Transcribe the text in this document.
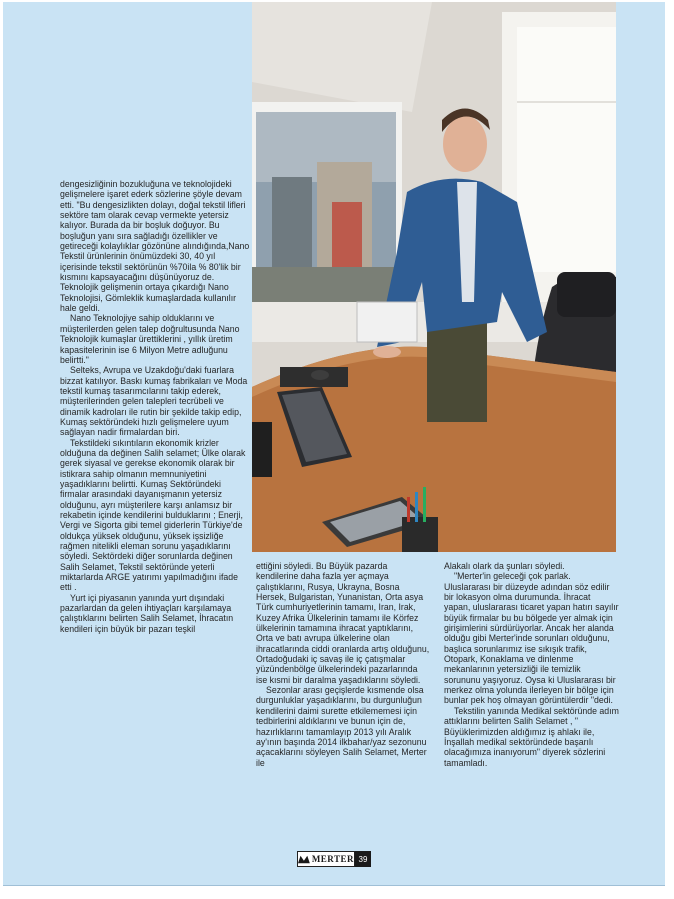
dengesizliğinin bozukluğuna ve teknolojideki gelişmelere işaret ederk sözlerine şöyle devam etti. "Bu dengesizlikten dolayı, doğal tekstil lifleri sektöre tam olarak cevap vermekte yetersiz kalıyor. Burada da bir boşluk doğuyor. Bu boşluğun yanı sıra sağladığı özellikler ve getireceği kolaylıklar gözönüne alındığında,Nano Tekstil ürünlerinin önümüzdeki 30, 40 yıl içerisinde tekstil sektörünün %70ila % 80'lik bir kısmını kapsayacağını düşünüyoruz de. Teknolojik gelişmenin ortaya çıkardığı Nano Teknolojisi, Gömleklik kumaşlardada kullanılır hale geldi.

Nano Teknolojiye sahip olduklarını ve müşterilerden gelen talep doğrultusunda Nano Teknolojik kumaşlar ürettiklerini , yıllık üretim kapasitelerinin ise 6 Milyon Metre adluğunu belirtti."

Selteks, Avrupa ve Uzakdoğu'daki fuarlara bizzat katılıyor. Baskı kumaş fabrikaları ve Moda tekstil kumaş tasarımcılarını takip ederek, müşterilerinden gelen talepleri tecrübeli ve dinamik kadroları ile rutin bir şekilde takip edip, Kumaş sektöründeki hızlı gelişmelere uyum sağlayan nadir firmalardan biri.

Tekstildeki sıkıntıların ekonomik krizler olduğuna da değinen Salih selamet; Ülke olarak gerek siyasal ve gerekse ekonomik olarak bir istikrara sahip olmanın memnuniyetini yaşadıklarını belirtti. Kumaş Sektöründeki firmalar arasındaki dayanışmanın yetersiz olduğunu, ayrı müşterilere karşı anlamsız bir rekabetin içinde kendilerini bulduklarını ; Enerji, Vergi ve Sigorta gibi temel giderlerin Türkiye'de oldukça yüksek olduğunu, yüksek işsizliğe rağmen nitelikli eleman sorunu yaşadıklarını söyledi. Sektördeki diğer sorunlarda değinen Salih Selamet, Tekstil sektöründe yeterli miktarlarda ARGE yatırımı yapılmadığını ifade etti .

Yurt içi piyasanın yanında yurt dışındaki pazarlardan da gelen ihtiyaçları karşılamaya çalıştıklarını belirten Salih Selamet, İhracatın kendileri için büyük bir pazarı teşkil

ettiğini söyledi. Bu Büyük pazarda kendilerine daha fazla yer açmaya çalıştıklarını, Rusya, Ukrayna, Bosna Hersek, Bulgaristan, Yunanistan, Orta asya Türk cumhuriyetlerinin tamamı, Iran, Irak, Kuzey Afrika Ülkelerinin tamamı ile Körfez ülkelerinin tamamına ihracat yaptıklarını, Orta ve batı avrupa ülkelerine olan ihracatlarında ciddi oranlarda artış olduğunu, Ortadoğudaki iç savaş ile iç çatışmalar yüzündenbölge ülkelerindeki pazarlarında ise kısmi bir daralma yaşadıklarını söyledi.

Sezonlar arası geçişlerde kısmende olsa durgunluklar yaşadıklarını, bu durgunluğun kendilerini daimi surette etkilememesi için tedbirlerini aldıklarını ve bunun için de, hazırlıklarını tamamlayıp 2013 yılı Aralık ay'ının başında 2014 ilkbahar/yaz sezonunu açacaklarını söyleyen Salih Selamet, Merter ile

Alakalı olark da şunları söyledi.

"Merter'in geleceği çok parlak. Uluslararası bir düzeyde adından söz edilir bir lokasyon olma durumunda. İhracat yapan, uluslararası ticaret yapan hatırı sayılır büyük firmalar bu bu bölgede yer almak için girişimlerini sürdürüyorlar. Ancak her alanda olduğu gibi Merter'inde sorunları olduğunu, başlıca sorunlarımız ise sıkışık trafik, Otopark, Konaklama ve dinlenme mekanlarının yetersizliği ile temizlik sorununu yaşıyoruz. Oysa ki Uluslararası bir merkez olma yolunda ilerleyen bir bölge için bunlar pek hoş olmayan görüntülerdir "dedi.

Tekstilin yanında Medikal sektöründe adım attıklarını belirten Salih Selamet , " Büyüklerimizden aldığımız iş ahlakı ile, İnşallah medikal sektöründede başarılı olacağımıza inanıyorum" diyerek sözlerini tamamladı.

MERTER 39
